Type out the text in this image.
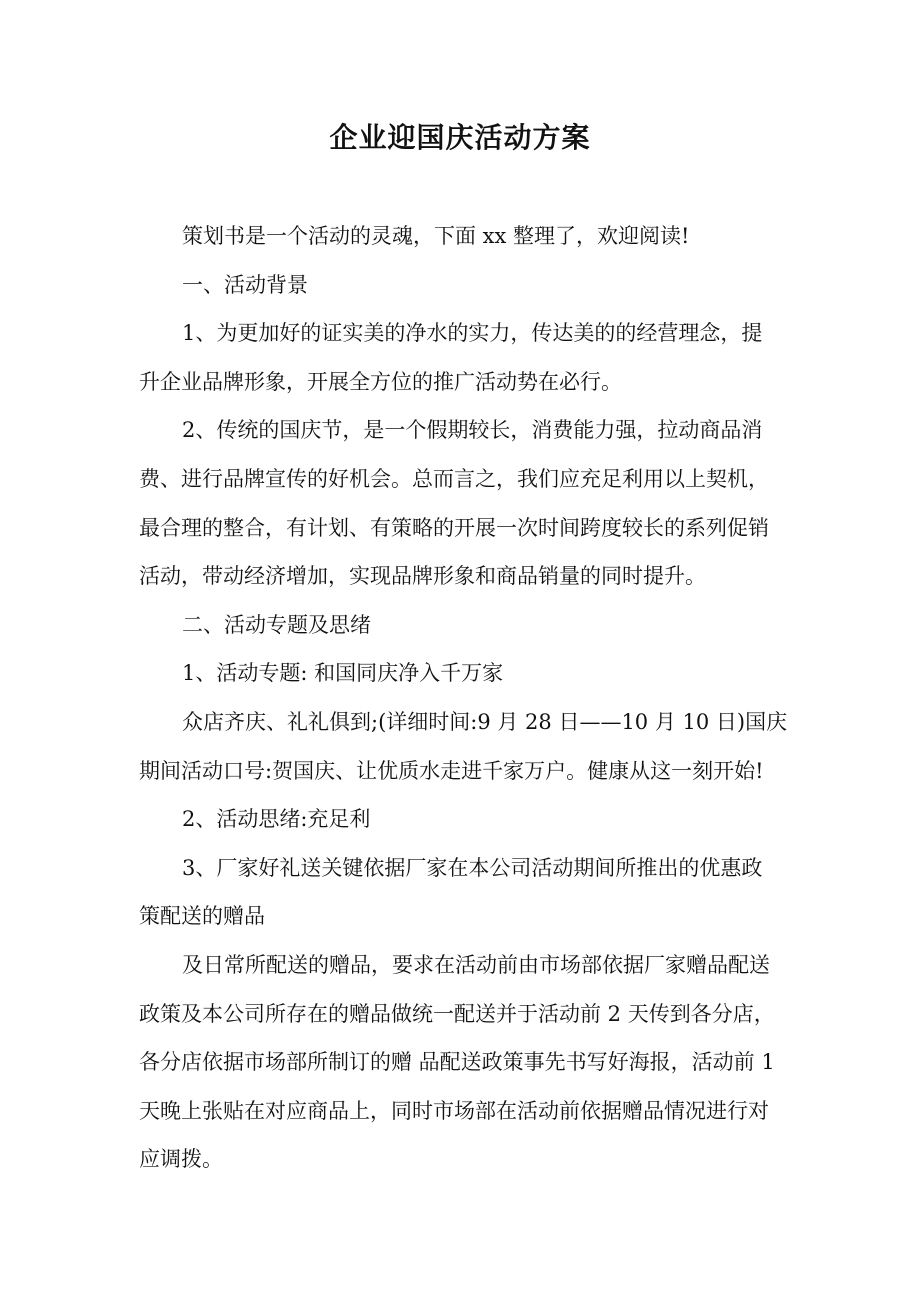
企业迎国庆活动方案

策划书是一个活动的灵魂，下面 xx 整理了，欢迎阅读!

一、活动背景

1、为更加好的证实美的净水的实力，传达美的的经营理念，提

升企业品牌形象，开展全方位的推广活动势在必行。

2、传统的国庆节，是一个假期较长，消费能力强，拉动商品消

费、进行品牌宣传的好机会。总而言之，我们应充足利用以上契机，

最合理的整合，有计划、有策略的开展一次时间跨度较长的系列促销

活动，带动经济增加，实现品牌形象和商品销量的同时提升。

二、活动专题及思绪

1、活动专题: 和国同庆净入千万家

众店齐庆、礼礼俱到;(详细时间:9 月 28 日——10 月 10 日)国庆

期间活动口号:贺国庆、让优质水走进千家万户。健康从这一刻开始!

2、活动思绪:充足利

3、厂家好礼送关键依据厂家在本公司活动期间所推出的优惠政

策配送的赠品

及日常所配送的赠品，要求在活动前由市场部依据厂家赠品配送

政策及本公司所存在的赠品做统一配送并于活动前 2 天传到各分店，

各分店依据市场部所制订的赠 品配送政策事先书写好海报，活动前 1

天晚上张贴在对应商品上，同时市场部在活动前依据赠品情况进行对

应调拨。
